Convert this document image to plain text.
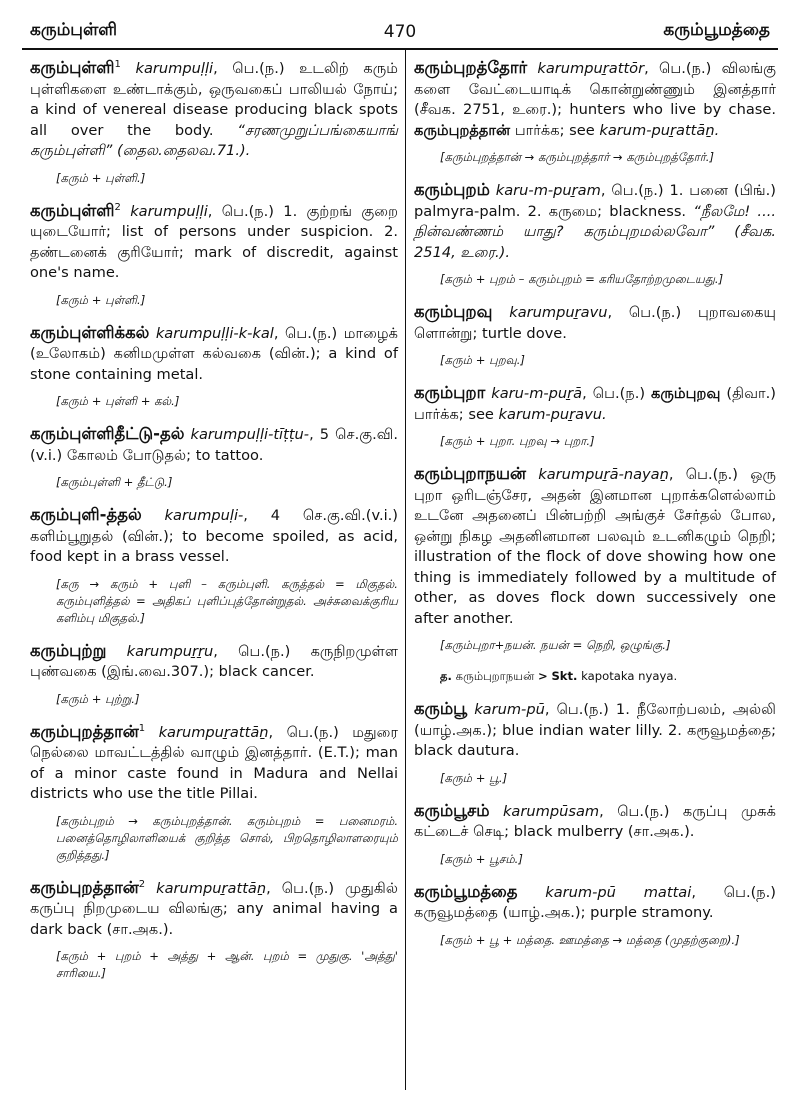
கரும்புள்ளி	470	கரும்பூமத்தை

கரும்புள்ளி$^1$ karumpuḷḷi, பெ.(ந.) உடலிற் கரும் புள்ளிகளை உண்டாக்கும், ஒருவகைப் பாலியல் நோய்; a kind of venereal disease producing black spots all over the body. “சரணமுறுப்பங்கையாங் கரும்புள்ளி” (தைல.தைலவ.71.).

[கரும் + புள்ளி.]

கரும்புள்ளி$^2$ karumpuḷḷi, பெ.(ந.) 1. குற்றங் குறை யுடையோர்; list of persons under suspicion. 2. தண்டனைக் குரியோர்; mark of discredit, against one's name.

[கரும் + புள்ளி.]

கரும்புள்ளிக்கல் karumpuḷḷi-k-kal, பெ.(ந.) மாழைக் (உலோகம்) கனிமமுள்ள கல்வகை (வின்.); a kind of stone containing metal.

[கரும் + புள்ளி + கல்.]

கரும்புள்ளிதீட்டு-தல் karumpuḷḷi-tīṭṭu-, 5 செ.கு.வி. (v.i.) கோலம் போடுதல்; to tattoo.

[கரும்புள்ளி + தீட்டு.]

கரும்புளி-த்தல் karumpuḷi-, 4 செ.கு.வி.(v.i.) களிம்பூறுதல் (வின்.); to become spoiled, as acid, food kept in a brass vessel.

[கரு → கரும் + புளி – கரும்புளி. கருத்தல் = மிகுதல். கரும்புளித்தல் = அதிகப் புளிப்புத்தோன்றுதல். அச்சுவைக்குரிய களிம்பு மிகுதல்.]

கரும்புற்று karumpuṟṟu, பெ.(ந.) கருநிறமுள்ள புண்வகை (இங்.வை.307.); black cancer.

[கரும் + புற்று.]

கரும்புறத்தான்$^1$ karumpuṟattāṉ, பெ.(ந.) மதுரை நெல்லை மாவட்டத்தில் வாழும் இனத்தார். (E.T.); man of a minor caste found in Madura and Nellai districts who use the title Pillai.

[கரும்புறம் → கரும்புறத்தான். கரும்புறம் = பனைமரம். பனைத்தொழிலாளியைக் குறித்த சொல், பிறதொழிலாளரையும் குறித்தது.]

கரும்புறத்தான்$^2$ karumpuṟattāṉ, பெ.(ந.) முதுகில் கருப்பு நிறமுடைய விலங்கு; any animal having a dark back (சா.அக.).

[கரும் + புறம் + அத்து + ஆன். புறம் = முதுகு. 'அத்து' சாரியை.]

கரும்புறத்தோர் karumpuṟattōr, பெ.(ந.) விலங்கு களை வேட்டையாடிக் கொன்றுண்ணும் இனத்தார் (சீவக. 2751, உரை.); hunters who live by chase. கரும்புறத்தான் பார்க்க; see karum-puṟattāṉ.

[கரும்புறத்தான் → கரும்புறத்தார் → கரும்புறத்தோர்.]

கரும்புறம் karu-m-puṟam, பெ.(ந.) 1. பனை (பிங்.) palmyra-palm. 2. கருமை; blackness. “நீலமே! .... நின்வண்ணம் யாது? கரும்புறமல்லவோ” (சீவக. 2514, உரை.).

[கரும் + புறம் – கரும்புறம் = கரியதோற்றமுடையது.]

கரும்புறவு karumpuṟavu, பெ.(ந.) புறாவகையு ளொன்று; turtle dove.

[கரும் + புறவு.]

கரும்புறா karu-m-puṟā, பெ.(ந.) கரும்புறவு (திவா.) பார்க்க; see karum-puṟavu.

[கரும் + புறா. புறவு → புறா.]

கரும்புறாநயன் karumpuṟā-nayaṉ, பெ.(ந.) ஒரு புறா ஒரிடஞ்சேர, அதன் இனமான புறாக்களெல்லாம் உடனே அதனைப் பின்பற்றி அங்குச் சேர்தல் போல, ஒன்று நிகழ அதனினமான பலவும் உடனிகழும் நெறி; illustration of the flock of dove showing how one thing is immediately followed by a multitude of other, as doves flock down successively one after another.

[கரும்புறா+நயன். நயன் = நெறி, ஒழுங்கு.]

த. கரும்புறாநயன் > Skt. kapotaka nyaya.

கரும்பூ karum-pū, பெ.(ந.) 1. நீலோற்பலம், அல்லி (யாழ்.அக.); blue indian water lilly. 2. கரூவூமத்தை; black dautura.

[கரும் + பூ.]

கரும்பூசம் karumpūsam, பெ.(ந.) கருப்பு முசுக் கட்டைச் செடி; black mulberry (சா.அக.).

[கரும் + பூசம்.]

கரும்பூமத்தை karum-pū mattai, பெ.(ந.) கருவூமத்தை (யாழ்.அக.); purple stramony.

[கரும் + பூ + மத்தை. ஊமத்தை → மத்தை (முதற்குறை).]
